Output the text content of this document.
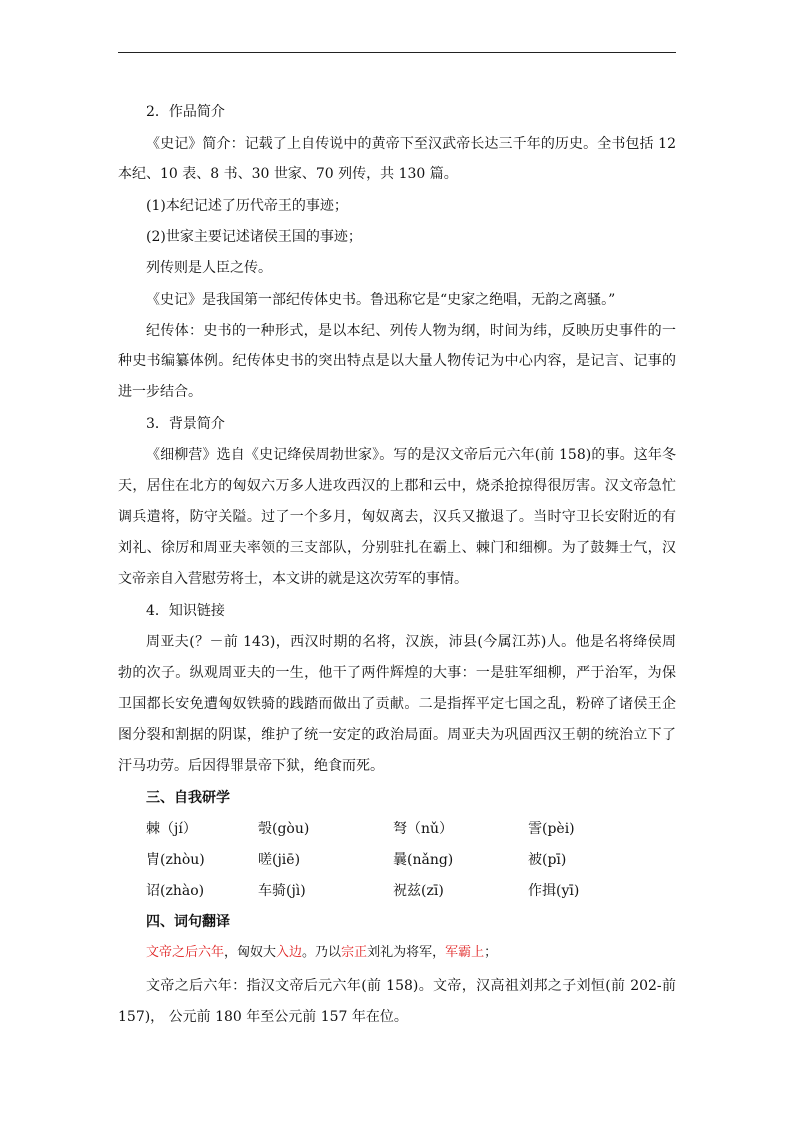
2．作品简介
《史记》简介：记载了上自传说中的黄帝下至汉武帝长达三千年的历史。全书包括 12
本纪、10 表、8 书、30 世家、70 列传，共 130 篇。
(1)本纪记述了历代帝王的事迹；
(2)世家主要记述诸侯王国的事迹；
列传则是人臣之传。
《史记》是我国第一部纪传体史书。鲁迅称它是“史家之绝唱，无韵之离骚。”
纪传体：史书的一种形式，是以本纪、列传人物为纲，时间为纬，反映历史事件的一
种史书编纂体例。纪传体史书的突出特点是以大量人物传记为中心内容，是记言、记事的
进一步结合。
3．背景简介
《细柳营》选自《史记绛侯周勃世家》。写的是汉文帝后元六年(前 158)的事。这年冬
天，居住在北方的匈奴六万多人进攻西汉的上郡和云中，烧杀抢掠得很厉害。汉文帝急忙
调兵遣将，防守关隘。过了一个多月，匈奴离去，汉兵又撤退了。当时守卫长安附近的有
刘礼、徐厉和周亚夫率领的三支部队，分别驻扎在霸上、棘门和细柳。为了鼓舞士气，汉
文帝亲自入营慰劳将士，本文讲的就是这次劳军的事情。
4．知识链接
周亚夫(？－前 143)，西汉时期的名将，汉族，沛县(今属江苏)人。他是名将绛侯周
勃的次子。纵观周亚夫的一生，他干了两件辉煌的大事：一是驻军细柳，严于治军，为保
卫国都长安免遭匈奴铁骑的践踏而做出了贡献。二是指挥平定七国之乱，粉碎了诸侯王企
图分裂和割据的阴谋，维护了统一安定的政治局面。周亚夫为巩固西汉王朝的统治立下了
汗马功劳。后因得罪景帝下狱，绝食而死。
三、自我研学
棘（jí）	彀(gòu)	弩（nǔ）	霅(pèi)
胄(zhòu)	嗟(jiē)	曩(nǎng)	被(pī)
诏(zhào)	车骑(jì)	祝兹(zī)	作揖(yī)
四、词句翻译
文帝之后六年，匈奴大入边。乃以宗正刘礼为将军，军霸上；
文帝之后六年：指汉文帝后元六年(前 158)。文帝，汉高祖刘邦之子刘恒(前 202-前
157)， 公元前 180 年至公元前 157 年在位。
